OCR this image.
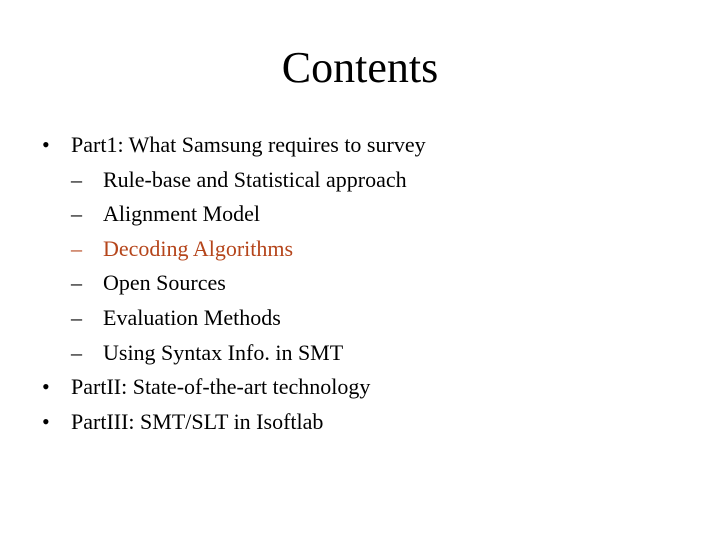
Contents
• Part1: What Samsung requires to survey
– Rule-base and Statistical approach
– Alignment Model
– Decoding Algorithms
– Open Sources
– Evaluation Methods
– Using Syntax Info. in SMT
• PartII: State-of-the-art technology
• PartIII: SMT/SLT in Isoftlab
